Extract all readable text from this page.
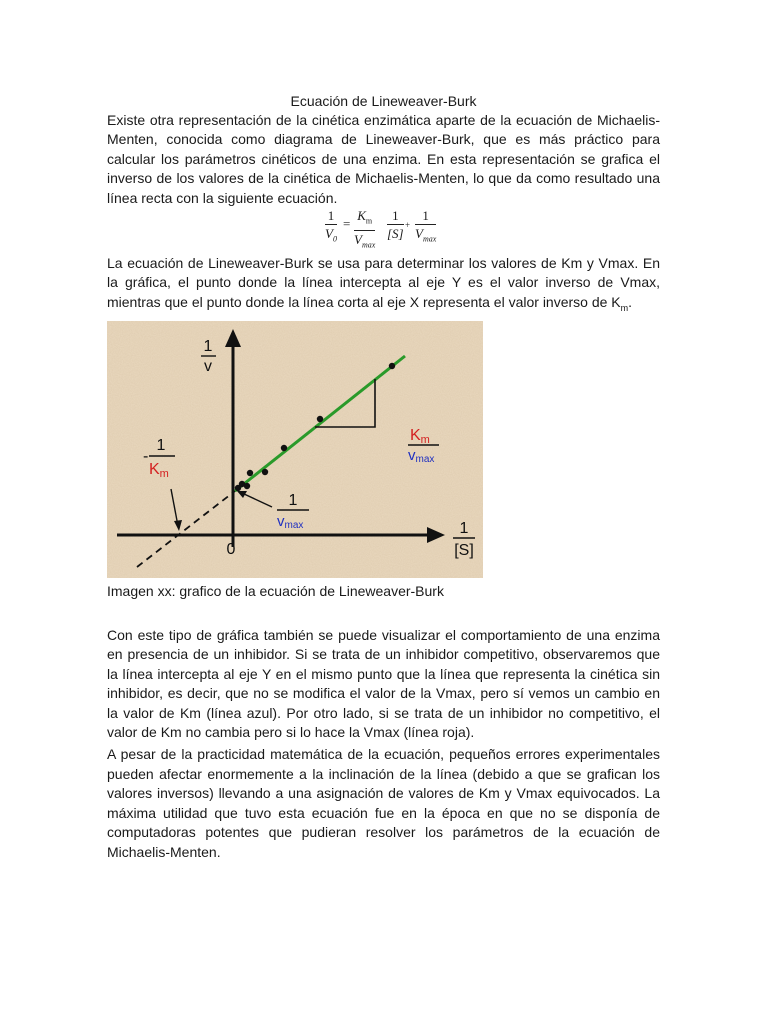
Ecuación de Lineweaver-Burk

Existe otra representación de la cinética enzimática aparte de la ecuación de Michaelis-Menten, conocida como diagrama de Lineweaver-Burk, que es más práctico para calcular los parámetros cinéticos de una enzima. En esta representación se grafica el inverso de los valores de la cinética de Michaelis-Menten, lo que da como resultado una línea recta con la siguiente ecuación.

1
$V_0$
=
$K_m$
$V_{max}$
1
[S]
+
1
$V_{max}$

La ecuación de Lineweaver-Burk se usa para determinar los valores de Km y Vmax. En la gráfica, el punto donde la línea intercepta al eje Y es el valor inverso de Vmax, mientras que el punto donde la línea corta al eje X representa el valor inverso de $K_m$.

1
v
1
[S]
0
-
1
Km
1
vmax
Km
vmax
Imagen xx: grafico de la ecuación de Lineweaver-Burk

Con este tipo de gráfica también se puede visualizar el comportamiento de una enzima en presencia de un inhibidor. Si se trata de un inhibidor competitivo, observaremos que la línea intercepta al eje Y en el mismo punto que la línea que representa la cinética sin inhibidor, es decir, que no se modifica el valor de la Vmax, pero sí vemos un cambio en la valor de Km (línea azul). Por otro lado, si se trata de un inhibidor no competitivo, el valor de Km no cambia pero si lo hace la Vmax (línea roja).

A pesar de la practicidad matemática de la ecuación, pequeños errores experimentales pueden afectar enormemente a la inclinación de la línea (debido a que se grafican los valores inversos) llevando a una asignación de valores de Km y Vmax equivocados. La máxima utilidad que tuvo esta ecuación fue en la época en que no se disponía de computadoras potentes que pudieran resolver los parámetros de la ecuación de Michaelis-Menten.
